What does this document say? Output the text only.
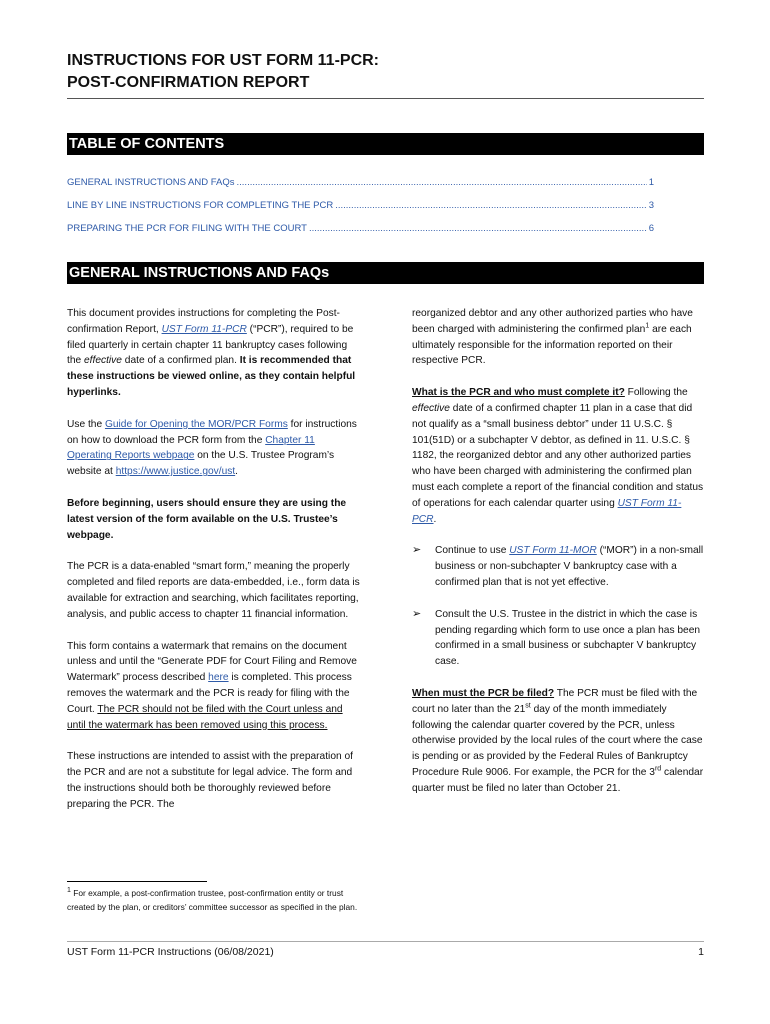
INSTRUCTIONS FOR UST FORM 11-PCR:
POST-CONFIRMATION REPORT
TABLE OF CONTENTS
GENERAL INSTRUCTIONS AND FAQs .....	1
LINE BY LINE INSTRUCTIONS FOR COMPLETING THE PCR .....	3
PREPARING THE PCR FOR FILING WITH THE COURT .....	6
GENERAL INSTRUCTIONS AND FAQs

This document provides instructions for completing the Post-confirmation Report, UST Form 11-PCR (“PCR”), required to be filed quarterly in certain chapter 11 bankruptcy cases following the effective date of a confirmed plan. It is recommended that these instructions be viewed online, as they contain helpful hyperlinks.

Use the Guide for Opening the MOR/PCR Forms for instructions on how to download the PCR form from the Chapter 11 Operating Reports webpage on the U.S. Trustee Program’s website at https://www.justice.gov/ust.

Before beginning, users should ensure they are using the latest version of the form available on the U.S. Trustee’s webpage.

The PCR is a data-enabled “smart form,” meaning the properly completed and filed reports are data-embedded, i.e., form data is available for extraction and searching, which facilitates reporting, analysis, and public access to chapter 11 financial information.

This form contains a watermark that remains on the document unless and until the “Generate PDF for Court Filing and Remove Watermark” process described here is completed. This process removes the watermark and the PCR is ready for filing with the Court. The PCR should not be filed with the Court unless and until the watermark has been removed using this process.

These instructions are intended to assist with the preparation of the PCR and are not a substitute for legal advice. The form and the instructions should both be thoroughly reviewed before preparing the PCR. The

reorganized debtor and any other authorized parties who have been charged with administering the confirmed plan$^1$ are each ultimately responsible for the information reported on their respective PCR.

What is the PCR and who must complete it? Following the effective date of a confirmed chapter 11 plan in a case that did not qualify as a “small business debtor” under 11 U.S.C. § 101(51D) or a subchapter V debtor, as defined in 11. U.S.C. § 1182, the reorganized debtor and any other authorized parties who have been charged with administering the confirmed plan must each complete a report of the financial condition and status of operations for each calendar quarter using UST Form 11-PCR.

➢	Continue to use UST Form 11-MOR (“MOR”) in a non-small business or non-subchapter V bankruptcy case with a confirmed plan that is not yet effective.
➢	Consult the U.S. Trustee in the district in which the case is pending regarding which form to use once a plan has been confirmed in a small business or subchapter V bankruptcy case.

When must the PCR be filed? The PCR must be filed with the court no later than the 21st day of the month immediately following the calendar quarter covered by the PCR, unless otherwise provided by the local rules of the court where the case is pending or as provided by the Federal Rules of Bankruptcy Procedure Rule 9006. For example, the PCR for the 3rd calendar quarter must be filed no later than October 21.

$^1$ For example, a post-confirmation trustee, post-confirmation entity or trust created by the plan, or creditors’ committee successor as specified in the plan.
UST Form 11-PCR Instructions (06/08/2021)	1
